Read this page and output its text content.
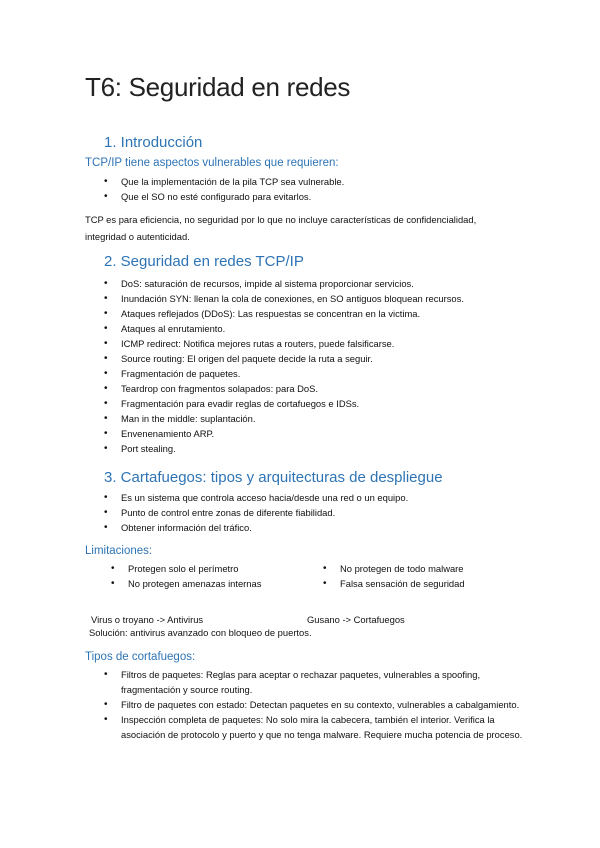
T6: Seguridad en redes
1. Introducción
TCP/IP tiene aspectos vulnerables que requieren:
• Que la implementación de la pila TCP sea vulnerable.
• Que el SO no esté configurado para evitarlos.

TCP es para eficiencia, no seguridad por lo que no incluye características de confidencialidad, integridad o autenticidad.

2. Seguridad en redes TCP/IP
• DoS: saturación de recursos, impide al sistema proporcionar servicios.
• Inundación SYN: llenan la cola de conexiones, en SO antiguos bloquean recursos.
• Ataques reflejados (DDoS): Las respuestas se concentran en la victima.
• Ataques al enrutamiento.
• ICMP redirect: Notifica mejores rutas a routers, puede falsificarse.
• Source routing: El origen del paquete decide la ruta a seguir.
• Fragmentación de paquetes.
• Teardrop con fragmentos solapados: para DoS.
• Fragmentación para evadir reglas de cortafuegos e IDSs.
• Man in the middle: suplantación.
• Envenenamiento ARP.
• Port stealing.
3. Cartafuegos: tipos y arquitecturas de despliegue
• Es un sistema que controla acceso hacia/desde una red o un equipo.
• Punto de control entre zonas de diferente fiabilidad.
• Obtener información del tráfico.
Limitaciones:
• Protegen solo el perímetro
• No protegen amenazas internas
• No protegen de todo malware
• Falsa sensación de seguridad

Virus o troyano -> Antivirus	Gusano -> Cortafuegos

Solución: antivirus avanzado con bloqueo de puertos.

Tipos de cortafuegos:
• Filtros de paquetes: Reglas para aceptar o rechazar paquetes, vulnerables a spoofing, fragmentación y source routing.
• Filtro de paquetes con estado: Detectan paquetes en su contexto, vulnerables a cabalgamiento.
• Inspección completa de paquetes: No solo mira la cabecera, también el interior. Verifica la asociación de protocolo y puerto y que no tenga malware. Requiere mucha potencia de proceso.
